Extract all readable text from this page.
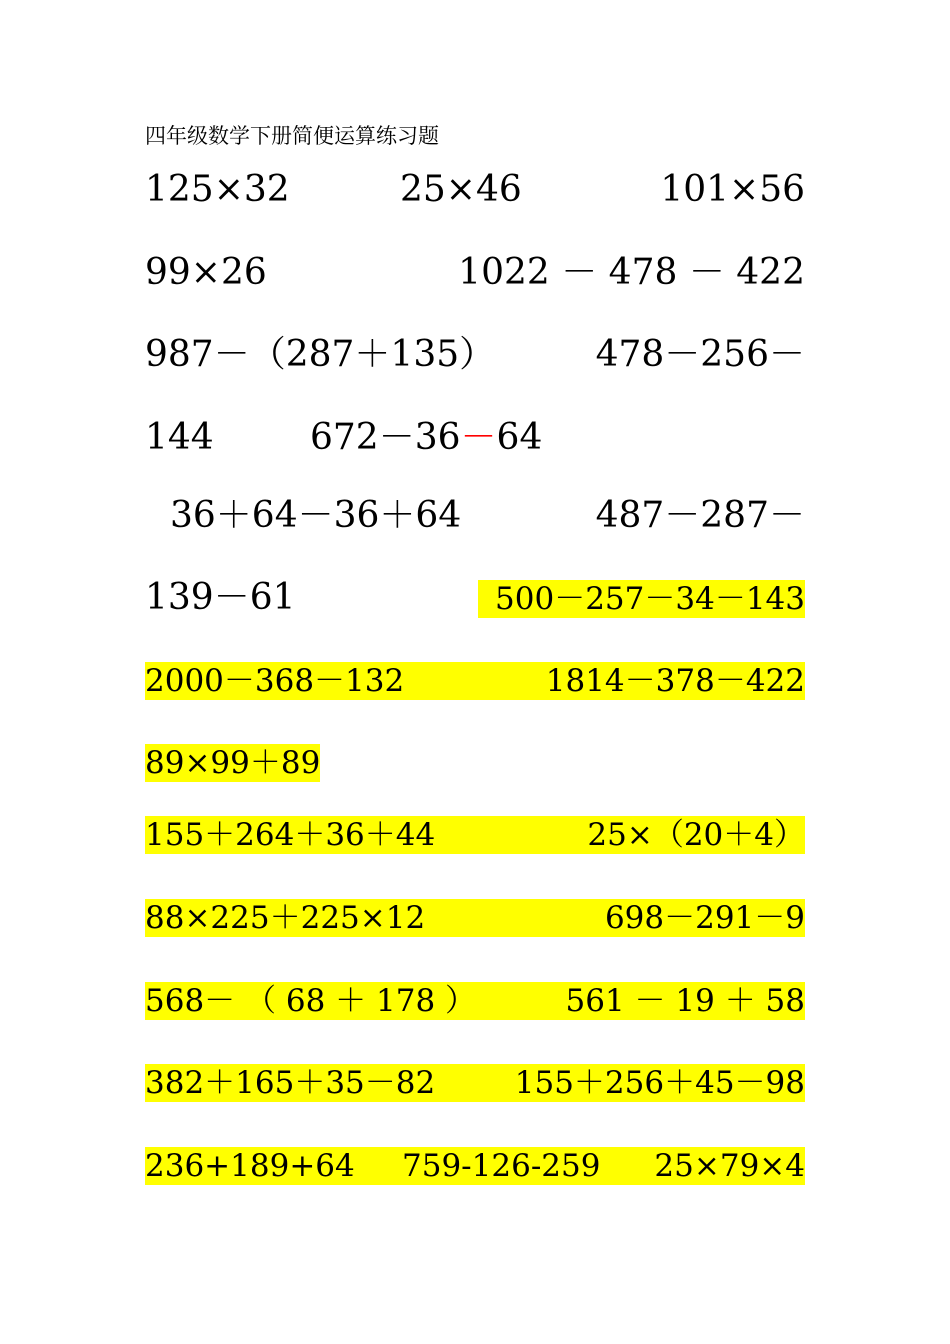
四年级数学下册简便运算练习题
125×32	25×46	101×56
99×26	1022 － 478 － 422
987－（287＋135）	478－256－
144	672－36－64
36＋64－36＋64	487－287－
139－61	500－257－34－143
2000－368－132	1814－378－422
89×99＋89
155＋264＋36＋44	25×（20＋4）
88×225＋225×12	698－291－9
568－ （ 68 ＋ 178 ）	561 － 19 ＋ 58
382＋165＋35－82	155＋256＋45－98
236+189+64 759-126-259 25×79×4
